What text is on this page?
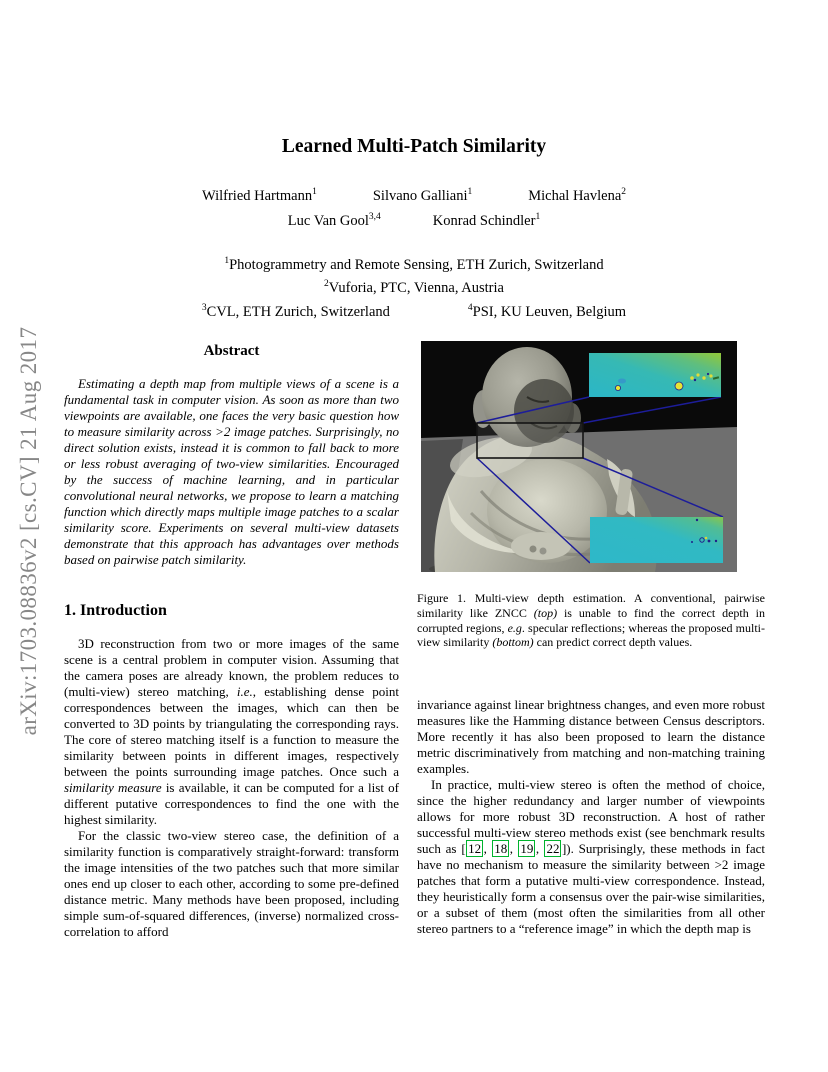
arXiv:1703.08836v2 [cs.CV] 21 Aug 2017
Learned Multi-Patch Similarity
Wilfried Hartmann$^1$	Silvano Galliani$^1$	Michal Havlena$^2$
Luc Van Gool$^{3,4}$	Konrad Schindler$^1$
$^1$Photogrammetry and Remote Sensing, ETH Zurich, Switzerland
$^2$Vuforia, PTC, Vienna, Austria
$^3$CVL, ETH Zurich, Switzerland	$^4$PSI, KU Leuven, Belgium
Abstract

Estimating a depth map from multiple views of a scene is a fundamental task in computer vision. As soon as more than two viewpoints are available, one faces the very basic question how to measure similarity across >2 image patches. Surprisingly, no direct solution exists, instead it is common to fall back to more or less robust averaging of two-view similarities. Encouraged by the success of machine learning, and in particular convolutional neural networks, we propose to learn a matching function which directly maps multiple image patches to a scalar similarity score. Experiments on several multi-view datasets demonstrate that this approach has advantages over methods based on pairwise patch similarity.

1. Introduction

3D reconstruction from two or more images of the same scene is a central problem in computer vision. Assuming that the camera poses are already known, the problem reduces to (multi-view) stereo matching, i.e., establishing dense point correspondences between the images, which can then be converted to 3D points by triangulating the corresponding rays. The core of stereo matching itself is a function to measure the similarity between points in different images, respectively between the points surrounding image patches. Once such a similarity measure is available, it can be computed for a list of different putative correspondences to find the one with the highest similarity.

For the classic two-view stereo case, the definition of a similarity function is comparatively straight-forward: transform the image intensities of the two patches such that more similar ones end up closer to each other, according to some pre-defined distance metric. Many methods have been proposed, including simple sum-of-squared differences, (inverse) normalized cross-correlation to afford

Figure 1. Multi-view depth estimation. A conventional, pairwise similarity like ZNCC (top) is unable to find the correct depth in corrupted regions, e.g. specular reflections; whereas the proposed multi-view similarity (bottom) can predict correct depth values.

invariance against linear brightness changes, and even more robust measures like the Hamming distance between Census descriptors. More recently it has also been proposed to learn the distance metric discriminatively from matching and non-matching training examples.

In practice, multi-view stereo is often the method of choice, since the higher redundancy and larger number of viewpoints allows for more robust 3D reconstruction. A host of rather successful multi-view stereo methods exist (see benchmark results such as [ 12 , 18 , 19 , 22 ]). Surprisingly, these methods in fact have no mechanism to measure the similarity between >2 image patches that form a putative multi-view correspondence. Instead, they heuristically form a consensus over the pair-wise similarities, or a subset of them (most often the similarities from all other stereo partners to a “reference image” in which the depth map is
